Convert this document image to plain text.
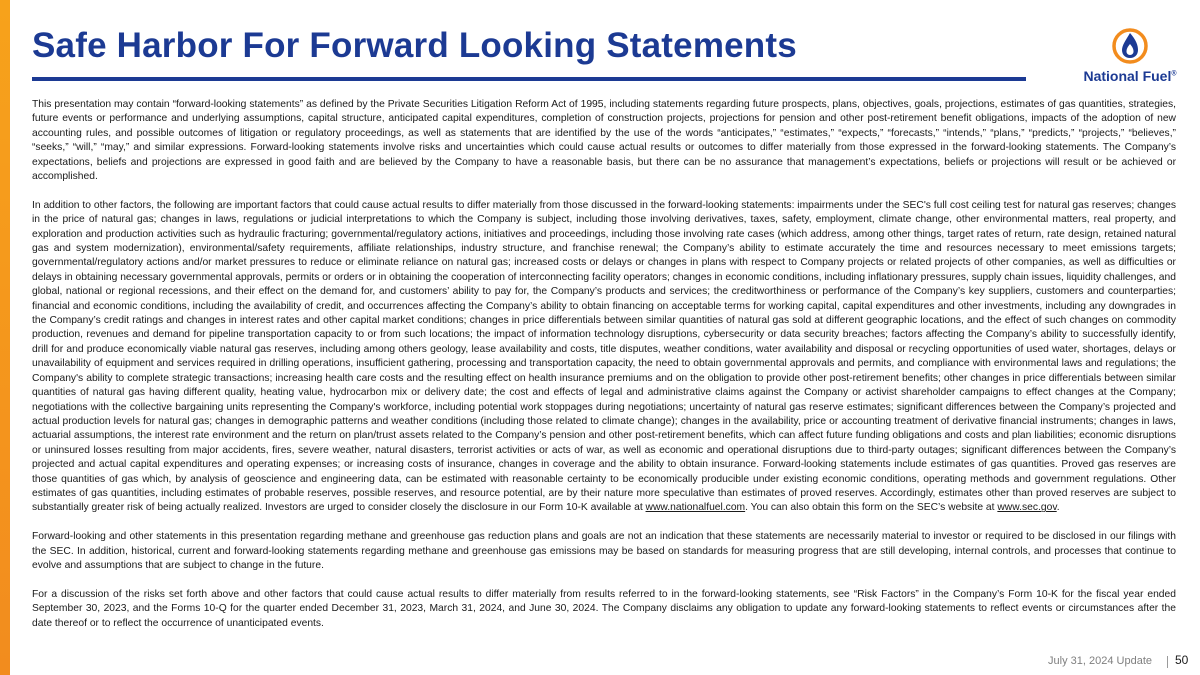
Safe Harbor For Forward Looking Statements
National Fuel®

This presentation may contain “forward-looking statements” as defined by the Private Securities Litigation Reform Act of 1995, including statements regarding future prospects, plans, objectives, goals, projections, estimates of gas quantities, strategies, future events or performance and underlying assumptions, capital structure, anticipated capital expenditures, completion of construction projects, projections for pension and other post-retirement benefit obligations, impacts of the adoption of new accounting rules, and possible outcomes of litigation or regulatory proceedings, as well as statements that are identified by the use of the words “anticipates,” “estimates,” “expects,” “forecasts,” “intends,” “plans,” “predicts,” “projects,” “believes,” “seeks,” “will,” “may,” and similar expressions. Forward-looking statements involve risks and uncertainties which could cause actual results or outcomes to differ materially from those expressed in the forward-looking statements. The Company’s expectations, beliefs and projections are expressed in good faith and are believed by the Company to have a reasonable basis, but there can be no assurance that management’s expectations, beliefs or projections will result or be achieved or accomplished.

In addition to other factors, the following are important factors that could cause actual results to differ materially from those discussed in the forward-looking statements: impairments under the SEC's full cost ceiling test for natural gas reserves; changes in the price of natural gas; changes in laws, regulations or judicial interpretations to which the Company is subject, including those involving derivatives, taxes, safety, employment, climate change, other environmental matters, real property, and exploration and production activities such as hydraulic fracturing; governmental/regulatory actions, initiatives and proceedings, including those involving rate cases (which address, among other things, target rates of return, rate design, retained natural gas and system modernization), environmental/safety requirements, affiliate relationships, industry structure, and franchise renewal; the Company’s ability to estimate accurately the time and resources necessary to meet emissions targets; governmental/regulatory actions and/or market pressures to reduce or eliminate reliance on natural gas; increased costs or delays or changes in plans with respect to Company projects or related projects of other companies, as well as difficulties or delays in obtaining necessary governmental approvals, permits or orders or in obtaining the cooperation of interconnecting facility operators; changes in economic conditions, including inflationary pressures, supply chain issues, liquidity challenges, and global, national or regional recessions, and their effect on the demand for, and customers’ ability to pay for, the Company’s products and services; the creditworthiness or performance of the Company’s key suppliers, customers and counterparties; financial and economic conditions, including the availability of credit, and occurrences affecting the Company’s ability to obtain financing on acceptable terms for working capital, capital expenditures and other investments, including any downgrades in the Company’s credit ratings and changes in interest rates and other capital market conditions; changes in price differentials between similar quantities of natural gas sold at different geographic locations, and the effect of such changes on commodity production, revenues and demand for pipeline transportation capacity to or from such locations; the impact of information technology disruptions, cybersecurity or data security breaches; factors affecting the Company’s ability to successfully identify, drill for and produce economically viable natural gas reserves, including among others geology, lease availability and costs, title disputes, weather conditions, water availability and disposal or recycling opportunities of used water, shortages, delays or unavailability of equipment and services required in drilling operations, insufficient gathering, processing and transportation capacity, the need to obtain governmental approvals and permits, and compliance with environmental laws and regulations; the Company's ability to complete strategic transactions; increasing health care costs and the resulting effect on health insurance premiums and on the obligation to provide other post-retirement benefits; other changes in price differentials between similar quantities of natural gas having different quality, heating value, hydrocarbon mix or delivery date; the cost and effects of legal and administrative claims against the Company or activist shareholder campaigns to effect changes at the Company; negotiations with the collective bargaining units representing the Company's workforce, including potential work stoppages during negotiations; uncertainty of natural gas reserve estimates; significant differences between the Company’s projected and actual production levels for natural gas; changes in demographic patterns and weather conditions (including those related to climate change); changes in the availability, price or accounting treatment of derivative financial instruments; changes in laws, actuarial assumptions, the interest rate environment and the return on plan/trust assets related to the Company’s pension and other post-retirement benefits, which can affect future funding obligations and costs and plan liabilities; economic disruptions or uninsured losses resulting from major accidents, fires, severe weather, natural disasters, terrorist activities or acts of war, as well as economic and operational disruptions due to third-party outages; significant differences between the Company’s projected and actual capital expenditures and operating expenses; or increasing costs of insurance, changes in coverage and the ability to obtain insurance. Forward-looking statements include estimates of gas quantities. Proved gas reserves are those quantities of gas which, by analysis of geoscience and engineering data, can be estimated with reasonable certainty to be economically producible under existing economic conditions, operating methods and government regulations. Other estimates of gas quantities, including estimates of probable reserves, possible reserves, and resource potential, are by their nature more speculative than estimates of proved reserves. Accordingly, estimates other than proved reserves are subject to substantially greater risk of being actually realized. Investors are urged to consider closely the disclosure in our Form 10-K available at www.nationalfuel.com. You can also obtain this form on the SEC’s website at www.sec.gov.

Forward-looking and other statements in this presentation regarding methane and greenhouse gas reduction plans and goals are not an indication that these statements are necessarily material to investor or required to be disclosed in our filings with the SEC. In addition, historical, current and forward-looking statements regarding methane and greenhouse gas emissions may be based on standards for measuring progress that are still developing, internal controls, and processes that continue to evolve and assumptions that are subject to change in the future.

For a discussion of the risks set forth above and other factors that could cause actual results to differ materially from results referred to in the forward-looking statements, see “Risk Factors” in the Company’s Form 10-K for the fiscal year ended September 30, 2023, and the Forms 10-Q for the quarter ended December 31, 2023, March 31, 2024, and June 30, 2024. The Company disclaims any obligation to update any forward-looking statements to reflect events or circumstances after the date thereof or to reflect the occurrence of unanticipated events.

July 31, 2024 Update 50
